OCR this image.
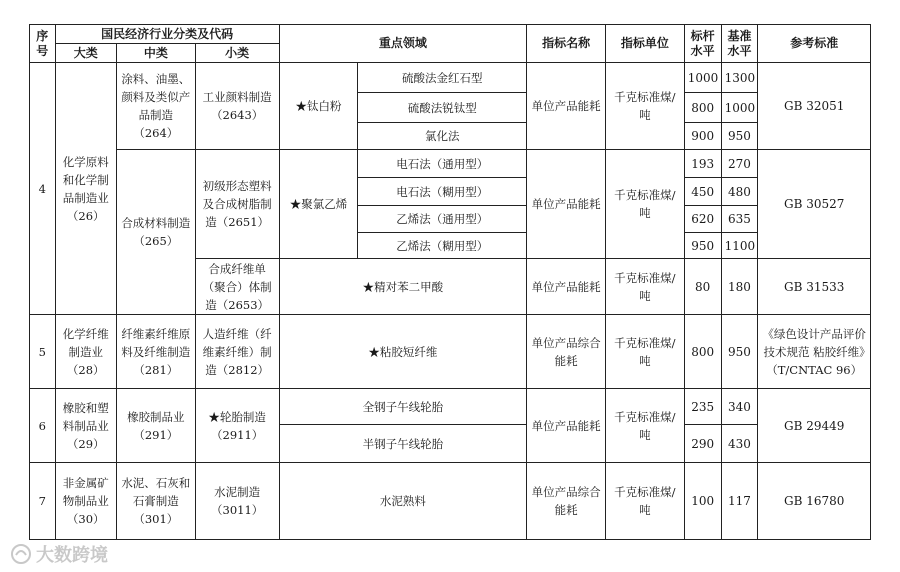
序号	国民经济行业分类及代码			重点领域		指标名称	指标单位	标杆水平	基准水平	参考标准
	大类	中类	小类							
4	化学原料和化学制品制造业（26）	涂料、油墨、颜料及类似产品制造（264）	工业颜料制造（2643）	★钛白粉	硫酸法金红石型	单位产品能耗	千克标准煤/吨	1000	1300	GB 32051
					硫酸法锐钛型			800	1000	
					氯化法			900	950	
		合成材料制造（265）	初级形态塑料及合成树脂制造（2651）	★聚氯乙烯	电石法（通用型）	单位产品能耗	千克标准煤/吨	193	270	GB 30527
					电石法（糊用型）			450	480	
					乙烯法（通用型）			620	635	
					乙烯法（糊用型）			950	1100	
			合成纤维单（聚合）体制造（2653）	★精对苯二甲酸		单位产品能耗	千克标准煤/吨	80	180	GB 31533
5	化学纤维制造业（28）	纤维素纤维原料及纤维制造（281）	人造纤维（纤维素纤维）制造（2812）	★粘胶短纤维		单位产品综合能耗	千克标准煤/吨	800	950	《绿色设计产品评价技术规范 粘胶纤维》（T/CNTAC 96）
6	橡胶和塑料制品业（29）	橡胶制品业（291）	★轮胎制造（2911）	全钢子午线轮胎		单位产品能耗	千克标准煤/吨	235	340	GB 29449
				半钢子午线轮胎				290	430	
7	非金属矿物制品业（30）	水泥、石灰和石膏制造（301）	水泥制造（3011）	水泥熟料		单位产品综合能耗	千克标准煤/吨	100	117	GB 16780
大数跨境
